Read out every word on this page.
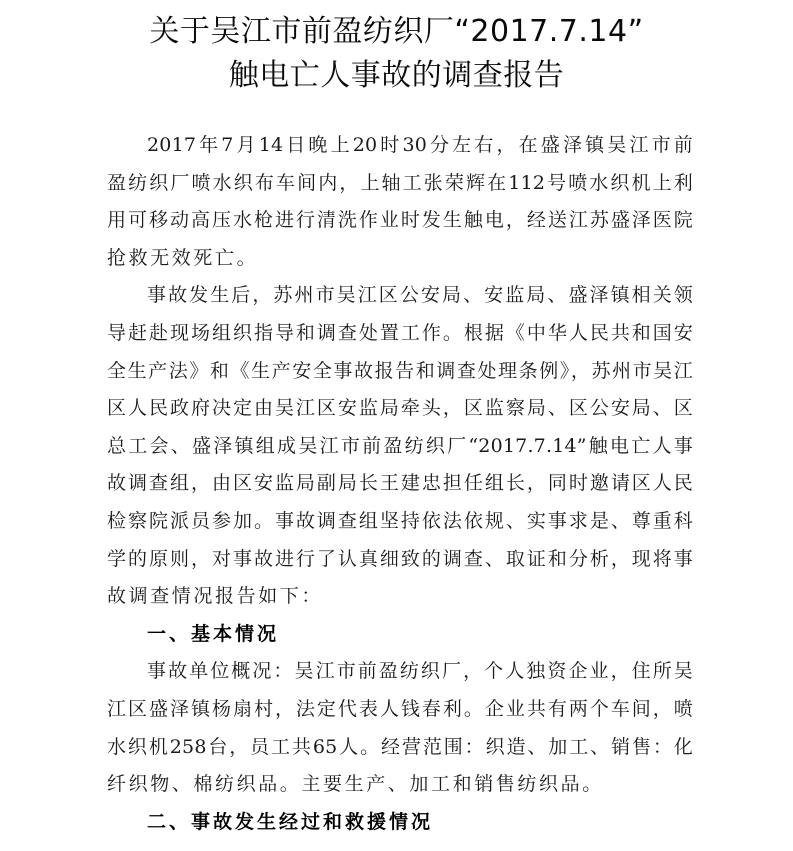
关于吴江市前盈纺织厂“2017.7.14”
触电亡人事故的调查报告
2017年7月14日晚上20时30分左右，在盛泽镇吴江市前
盈纺织厂喷水织布车间内，上轴工张荣辉在112号喷水织机上利
用可移动高压水枪进行清洗作业时发生触电，经送江苏盛泽医院
抢救无效死亡。
事故发生后，苏州市吴江区公安局、安监局、盛泽镇相关领
导赶赴现场组织指导和调查处置工作。根据《中华人民共和国安
全生产法》和《生产安全事故报告和调查处理条例》，苏州市吴江
区人民政府决定由吴江区安监局牵头，区监察局、区公安局、区
总工会、盛泽镇组成吴江市前盈纺织厂“2017.7.14”触电亡人事
故调查组，由区安监局副局长王建忠担任组长，同时邀请区人民
检察院派员参加。事故调查组坚持依法依规、实事求是、尊重科
学的原则，对事故进行了认真细致的调查、取证和分析，现将事
故调查情况报告如下：
一、基本情况
事故单位概况：吴江市前盈纺织厂，个人独资企业，住所吴
江区盛泽镇杨扇村，法定代表人钱春利。企业共有两个车间，喷
水织机258台，员工共65人。经营范围：织造、加工、销售：化
纤织物、棉纺织品。主要生产、加工和销售纺织品。
二、事故发生经过和救援情况
